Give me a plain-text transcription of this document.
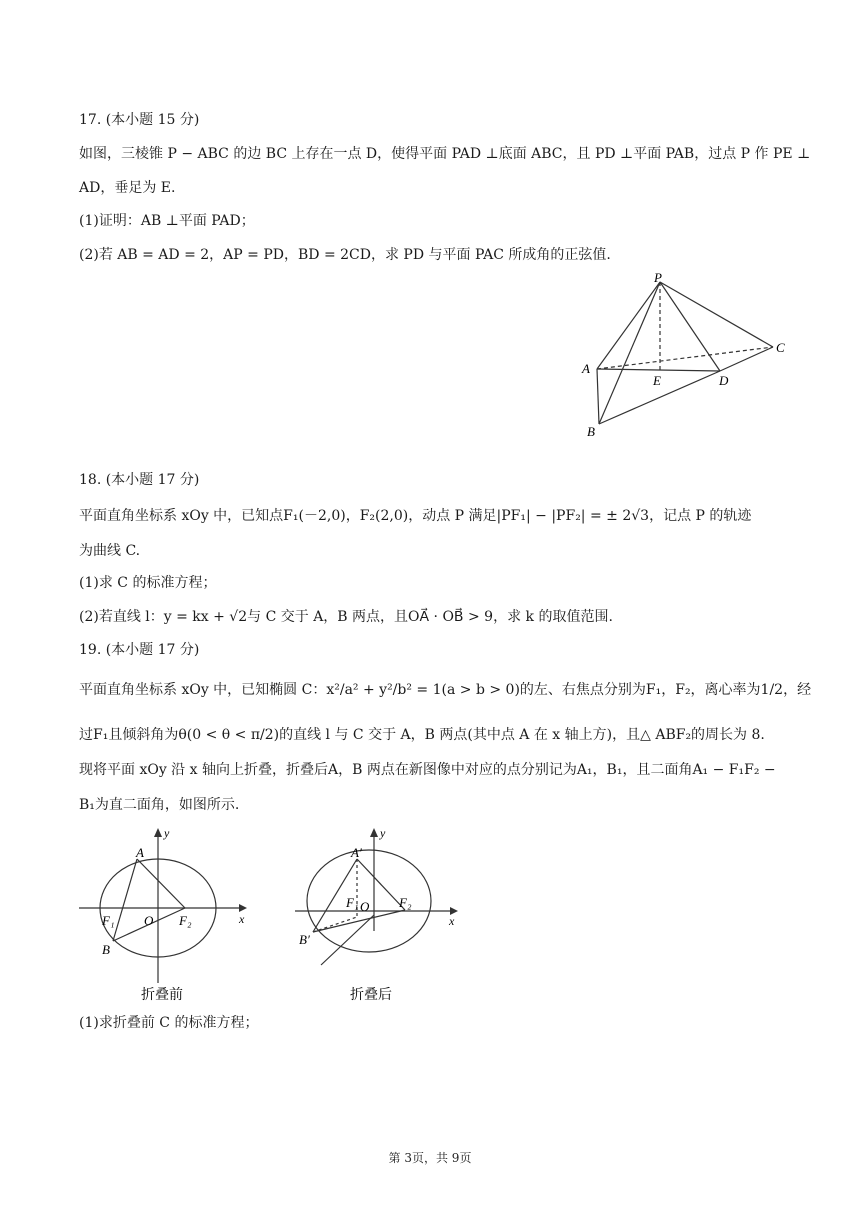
17. (本小题 15 分)
如图，三棱锥 P − ABC 的边 BC 上存在一点 D，使得平面 PAD ⊥底面 ABC，且 PD ⊥平面 PAB，过点 P 作 PE ⊥
AD，垂足为 E.
(1)证明：AB ⊥平面 PAD；
(2)若 AB = AD = 2，AP = PD，BD = 2CD，求 PD 与平面 PAC 所成角的正弦值.
P
A
B
C
D
E
18. (本小题 17 分)
平面直角坐标系 xOy 中，已知点F₁(－2,0)，F₂(2,0)，动点 P 满足|PF₁| − |PF₂| = ± 2√3，记点 P 的轨迹
为曲线 C.
(1)求 C 的标准方程；
(2)若直线 l：y = kx + √2与 C 交于 A，B 两点，且OA⃗ · OB⃗ > 9，求 k 的取值范围.
19. (本小题 17 分)
平面直角坐标系 xOy 中，已知椭圆 C：x²/a² + y²/b² = 1(a > b > 0)的左、右焦点分别为F₁，F₂，离心率为1/2，经
过F₁且倾斜角为θ(0 < θ < π/2)的直线 l 与 C 交于 A，B 两点(其中点 A 在 x 轴上方)，且△ ABF₂的周长为 8.
现将平面 xOy 沿 x 轴向上折叠，折叠后A，B 两点在新图像中对应的点分别记为A₁，B₁，且二面角A₁ − F₁F₂ −
B₁为直二面角，如图所示.
y
x
A
B
F₁ O F₂
折叠前
y
x
A′
B′
F₁ O F₂
折叠后
(1)求折叠前 C 的标准方程；
第 3页，共 9页
